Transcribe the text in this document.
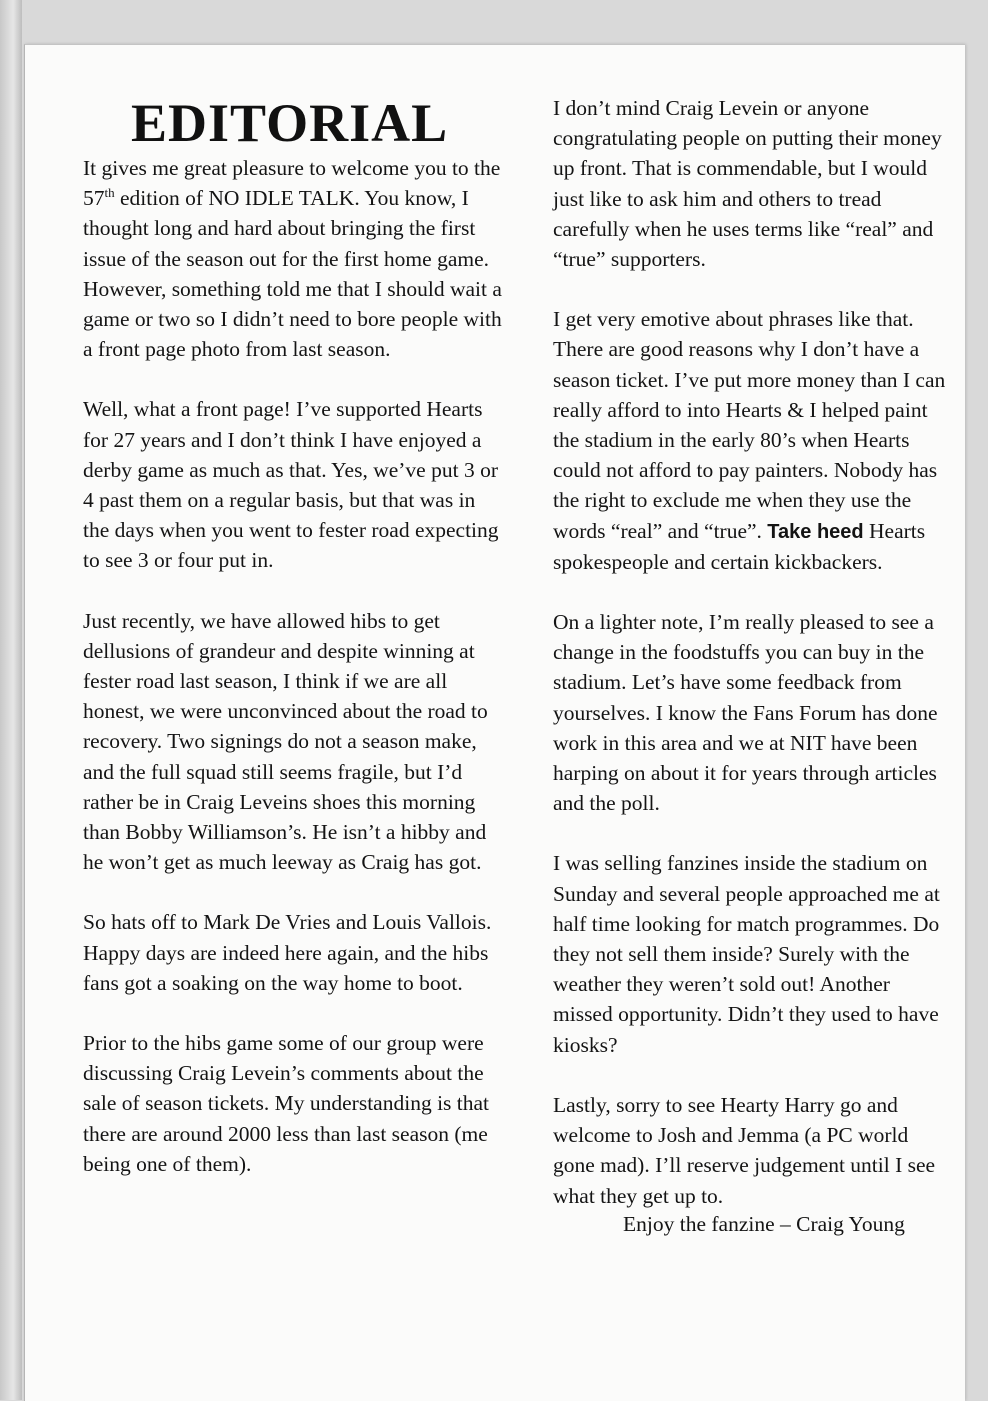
EDITORIAL

It gives me great pleasure to welcome you to the 57th edition of NO IDLE TALK. You know, I thought long and hard about bringing the first issue of the season out for the first home game. However, something told me that I should wait a game or two so I didn’t need to bore people with a front page photo from last season.

Well, what a front page! I’ve supported Hearts for 27 years and I don’t think I have enjoyed a derby game as much as that. Yes, we’ve put 3 or 4 past them on a regular basis, but that was in the days when you went to fester road expecting to see 3 or four put in.

Just recently, we have allowed hibs to get dellusions of grandeur and despite winning at fester road last season, I think if we are all honest, we were unconvinced about the road to recovery. Two signings do not a season make, and the full squad still seems fragile, but I’d rather be in Craig Leveins shoes this morning than Bobby Williamson’s. He isn’t a hibby and he won’t get as much leeway as Craig has got.

So hats off to Mark De Vries and Louis Vallois. Happy days are indeed here again, and the hibs fans got a soaking on the way home to boot.

Prior to the hibs game some of our group were discussing Craig Levein’s comments about the sale of season tickets. My understanding is that there are around 2000 less than last season (me being one of them).

I don’t mind Craig Levein or anyone congratulating people on putting their money up front. That is commendable, but I would just like to ask him and others to tread carefully when he uses terms like “real” and “true” supporters.

I get very emotive about phrases like that. There are good reasons why I don’t have a season ticket. I’ve put more money than I can really afford to into Hearts & I helped paint the stadium in the early 80’s when Hearts could not afford to pay painters. Nobody has the right to exclude me when they use the words “real” and “true”. Take heed Hearts spokespeople and certain kickbackers.

On a lighter note, I’m really pleased to see a change in the foodstuffs you can buy in the stadium. Let’s have some feedback from yourselves. I know the Fans Forum has done work in this area and we at NIT have been harping on about it for years through articles and the poll.

I was selling fanzines inside the stadium on Sunday and several people approached me at half time looking for match programmes. Do they not sell them inside? Surely with the weather they weren’t sold out! Another missed opportunity. Didn’t they used to have kiosks?

Lastly, sorry to see Hearty Harry go and welcome to Josh and Jemma (a PC world gone mad). I’ll reserve judgement until I see what they get up to.

Enjoy the fanzine – Craig Young
